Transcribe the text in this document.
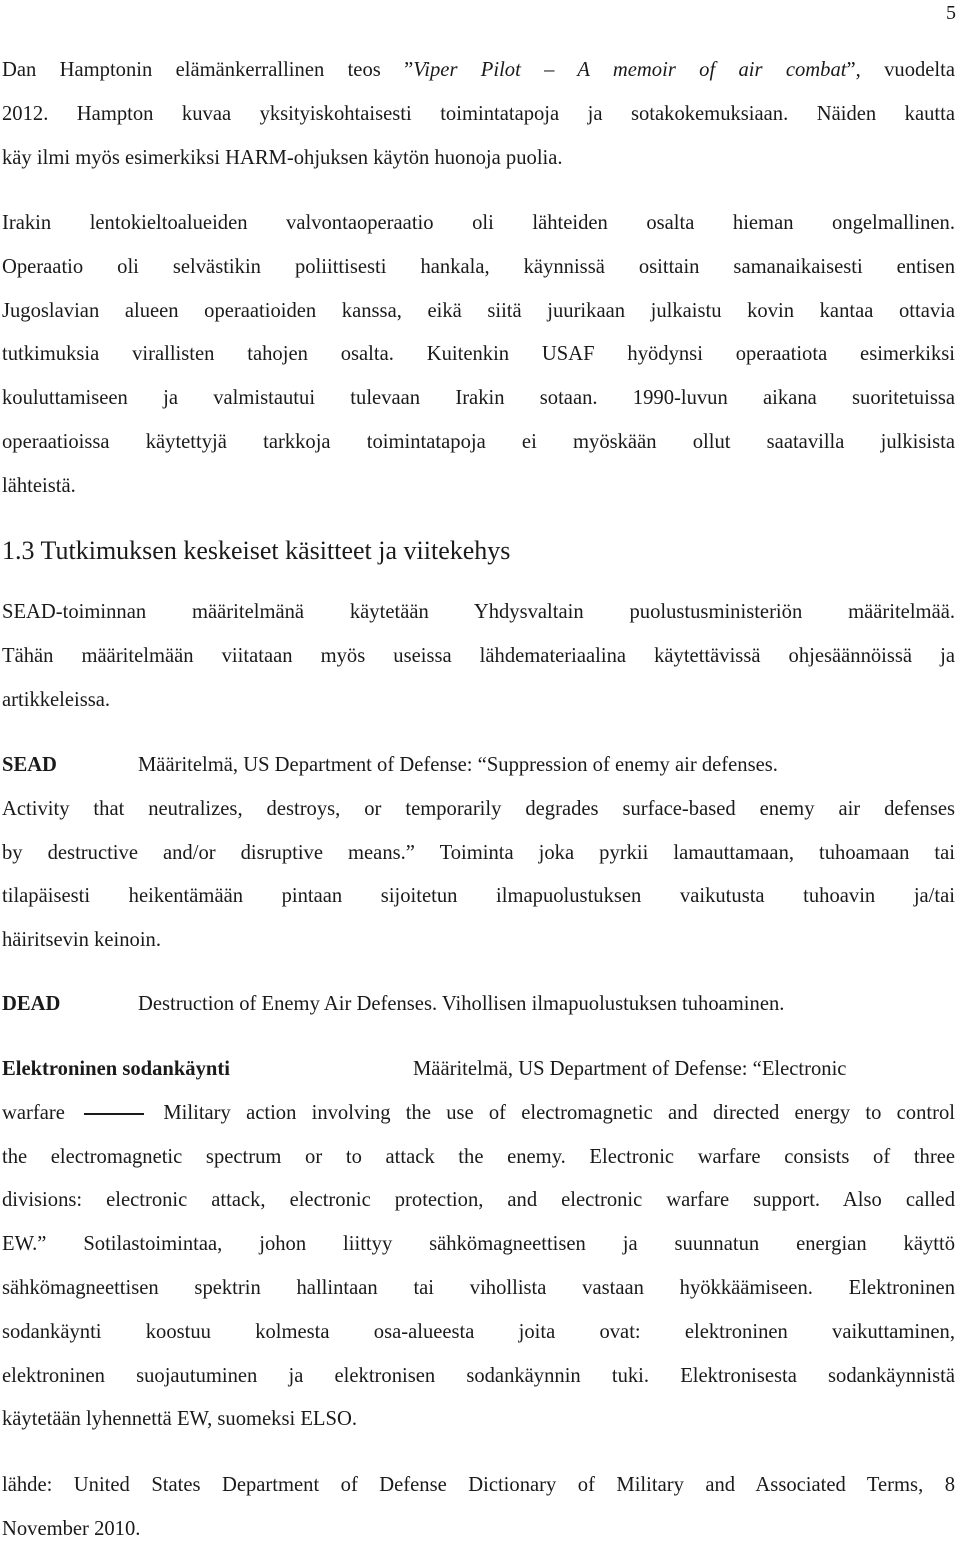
5
Dan Hamptonin elämänkerrallinen teos ”Viper Pilot – A memoir of air combat”, vuodelta
2012. Hampton kuvaa yksityiskohtaisesti toimintatapoja ja sotakokemuksiaan. Näiden kautta
käy ilmi myös esimerkiksi HARM-ohjuksen käytön huonoja puolia.
Irakin lentokieltoalueiden valvontaoperaatio oli lähteiden osalta hieman ongelmallinen.
Operaatio oli selvästikin poliittisesti hankala, käynnissä osittain samanaikaisesti entisen
Jugoslavian alueen operaatioiden kanssa, eikä siitä juurikaan julkaistu kovin kantaa ottavia
tutkimuksia virallisten tahojen osalta. Kuitenkin USAF hyödynsi operaatiota esimerkiksi
kouluttamiseen ja valmistautui tulevaan Irakin sotaan. 1990-luvun aikana suoritetuissa
operaatioissa käytettyjä tarkkoja toimintatapoja ei myöskään ollut saatavilla julkisista
lähteistä.
1.3 Tutkimuksen keskeiset käsitteet ja viitekehys
SEAD-toiminnan määritelmänä käytetään Yhdysvaltain puolustusministeriön määritelmää.
Tähän määritelmään viitataan myös useissa lähdemateriaalina käytettävissä ohjesäännöissä ja
artikkeleissa.
SEAD	Määritelmä, US Department of Defense: “Suppression of enemy air defenses.
Activity that neutralizes, destroys, or temporarily degrades surface-based enemy air defenses
by destructive and/or disruptive means.” Toiminta joka pyrkii lamauttamaan, tuhoamaan tai
tilapäisesti heikentämään pintaan sijoitetun ilmapuolustuksen vaikutusta tuhoavin ja/tai
häiritsevin keinoin.
DEAD	Destruction of Enemy Air Defenses. Vihollisen ilmapuolustuksen tuhoaminen.
Elektroninen sodankäynti	Määritelmä, US Department of Defense: “Electronic
warfare	Military action involving the use of electromagnetic and directed energy to control
the electromagnetic spectrum or to attack the enemy. Electronic warfare consists of three
divisions: electronic attack, electronic protection, and electronic warfare support. Also called
EW.” Sotilastoimintaa, johon liittyy sähkömagneettisen ja suunnatun energian käyttö
sähkömagneettisen spektrin hallintaan tai vihollista vastaan hyökkäämiseen. Elektroninen
sodankäynti koostuu kolmesta osa-alueesta joita ovat: elektroninen vaikuttaminen,
elektroninen suojautuminen ja elektronisen sodankäynnin tuki. Elektronisesta sodankäynnistä
käytetään lyhennettä EW, suomeksi ELSO.
lähde: United States Department of Defense Dictionary of Military and Associated Terms, 8
November 2010.
